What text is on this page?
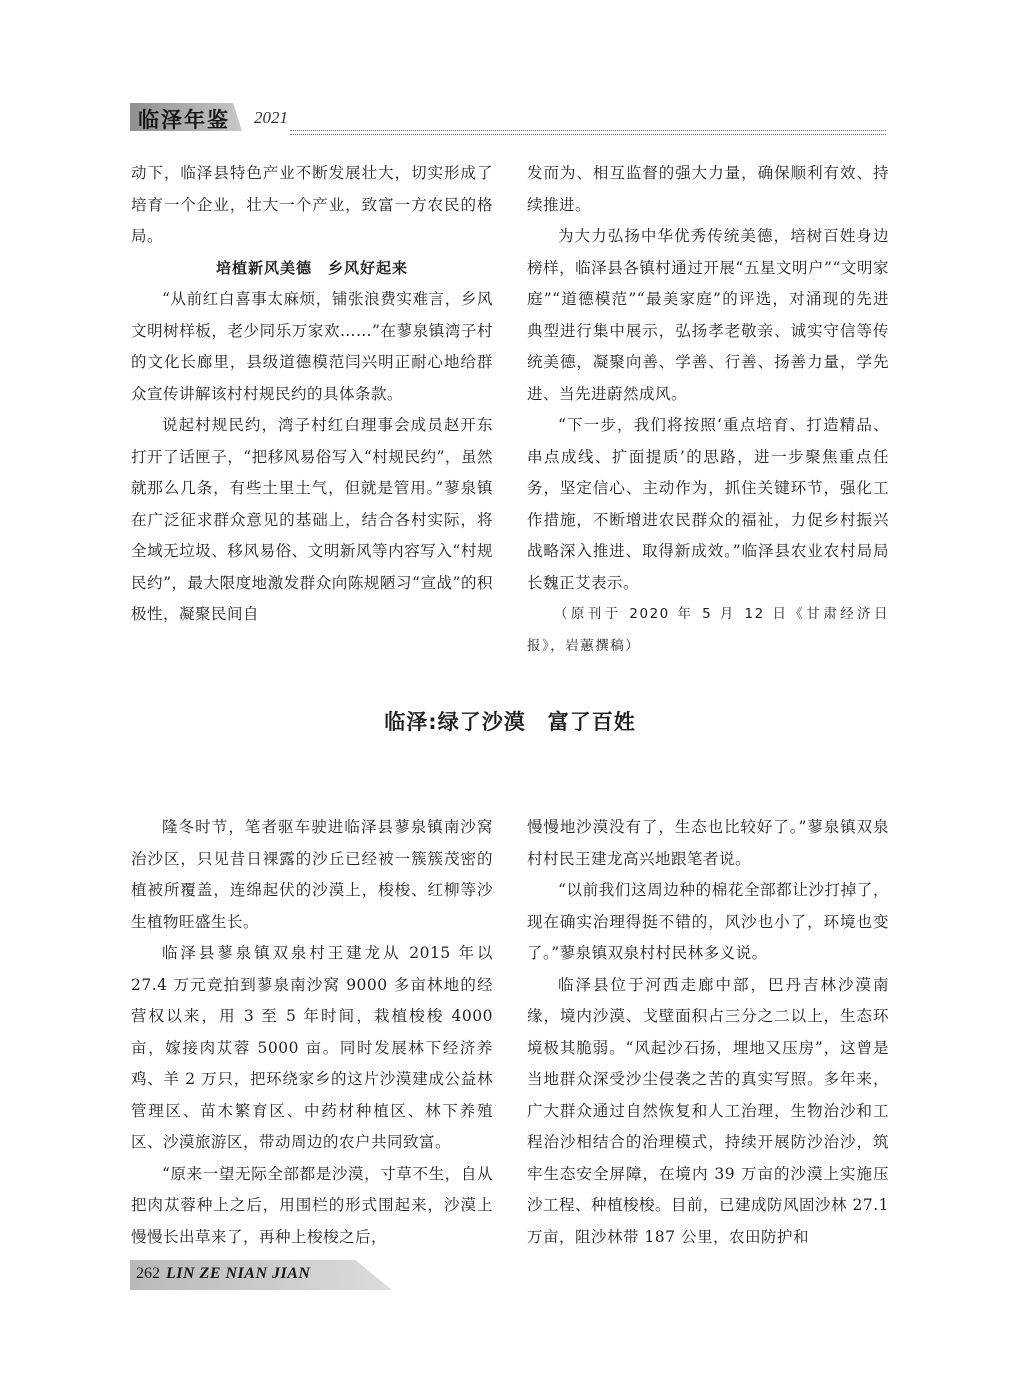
临泽年鉴 2021

动下，临泽县特色产业不断发展壮大，切实形成了培育一个企业，壮大一个产业，致富一方农民的格局。

培植新风美德　乡风好起来

“从前红白喜事太麻烦，铺张浪费实难言，乡风文明树样板，老少同乐万家欢……”在蓼泉镇湾子村的文化长廊里，县级道德模范闫兴明正耐心地给群众宣传讲解该村村规民约的具体条款。

说起村规民约，湾子村红白理事会成员赵开东打开了话匣子，“把移风易俗写入“村规民约”，虽然就那么几条，有些土里土气，但就是管用。”蓼泉镇在广泛征求群众意见的基础上，结合各村实际，将全域无垃圾、移风易俗、文明新风等内容写入“村规民约”，最大限度地激发群众向陈规陋习“宣战”的积极性，凝聚民间自

发而为、相互监督的强大力量，确保顺利有效、持续推进。

为大力弘扬中华优秀传统美德，培树百姓身边榜样，临泽县各镇村通过开展“五星文明户”“文明家庭”“道德模范”“最美家庭”的评选，对涌现的先进典型进行集中展示，弘扬孝老敬亲、诚实守信等传统美德，凝聚向善、学善、行善、扬善力量，学先进、当先进蔚然成风。

“下一步，我们将按照‘重点培育、打造精品、串点成线、扩面提质’的思路，进一步聚焦重点任务，坚定信心、主动作为，抓住关键环节，强化工作措施，不断增进农民群众的福祉，力促乡村振兴战略深入推进、取得新成效。”临泽县农业农村局局长魏正艾表示。

（原刊于 2020 年 5 月 12 日《甘肃经济日报》，岩蕙撰稿）

临泽:绿了沙漠　富了百姓

隆冬时节，笔者驱车驶进临泽县蓼泉镇南沙窝治沙区，只见昔日裸露的沙丘已经被一簇簇茂密的植被所覆盖，连绵起伏的沙漠上，梭梭、红柳等沙生植物旺盛生长。

临泽县蓼泉镇双泉村王建龙从 2015 年以 27.4 万元竞拍到蓼泉南沙窝 9000 多亩林地的经营权以来，用 3 至 5 年时间，栽植梭梭 4000 亩，嫁接肉苁蓉 5000 亩。同时发展林下经济养鸡、羊 2 万只，把环绕家乡的这片沙漠建成公益林管理区、苗木繁育区、中药材种植区、林下养殖区、沙漠旅游区，带动周边的农户共同致富。

“原来一望无际全部都是沙漠，寸草不生，自从把肉苁蓉种上之后，用围栏的形式围起来，沙漠上慢慢长出草来了，再种上梭梭之后，

慢慢地沙漠没有了，生态也比较好了。”蓼泉镇双泉村村民王建龙高兴地跟笔者说。

“以前我们这周边种的棉花全部都让沙打掉了，现在确实治理得挺不错的，风沙也小了，环境也变了。”蓼泉镇双泉村村民林多义说。

临泽县位于河西走廊中部，巴丹吉林沙漠南缘，境内沙漠、戈壁面积占三分之二以上，生态环境极其脆弱。“风起沙石扬，埋地又压房”，这曾是当地群众深受沙尘侵袭之苦的真实写照。多年来，广大群众通过自然恢复和人工治理，生物治沙和工程治沙相结合的治理模式，持续开展防沙治沙，筑牢生态安全屏障，在境内 39 万亩的沙漠上实施压沙工程、种植梭梭。目前，已建成防风固沙林 27.1 万亩，阻沙林带 187 公里，农田防护和

262 LIN ZE NIAN JIAN
